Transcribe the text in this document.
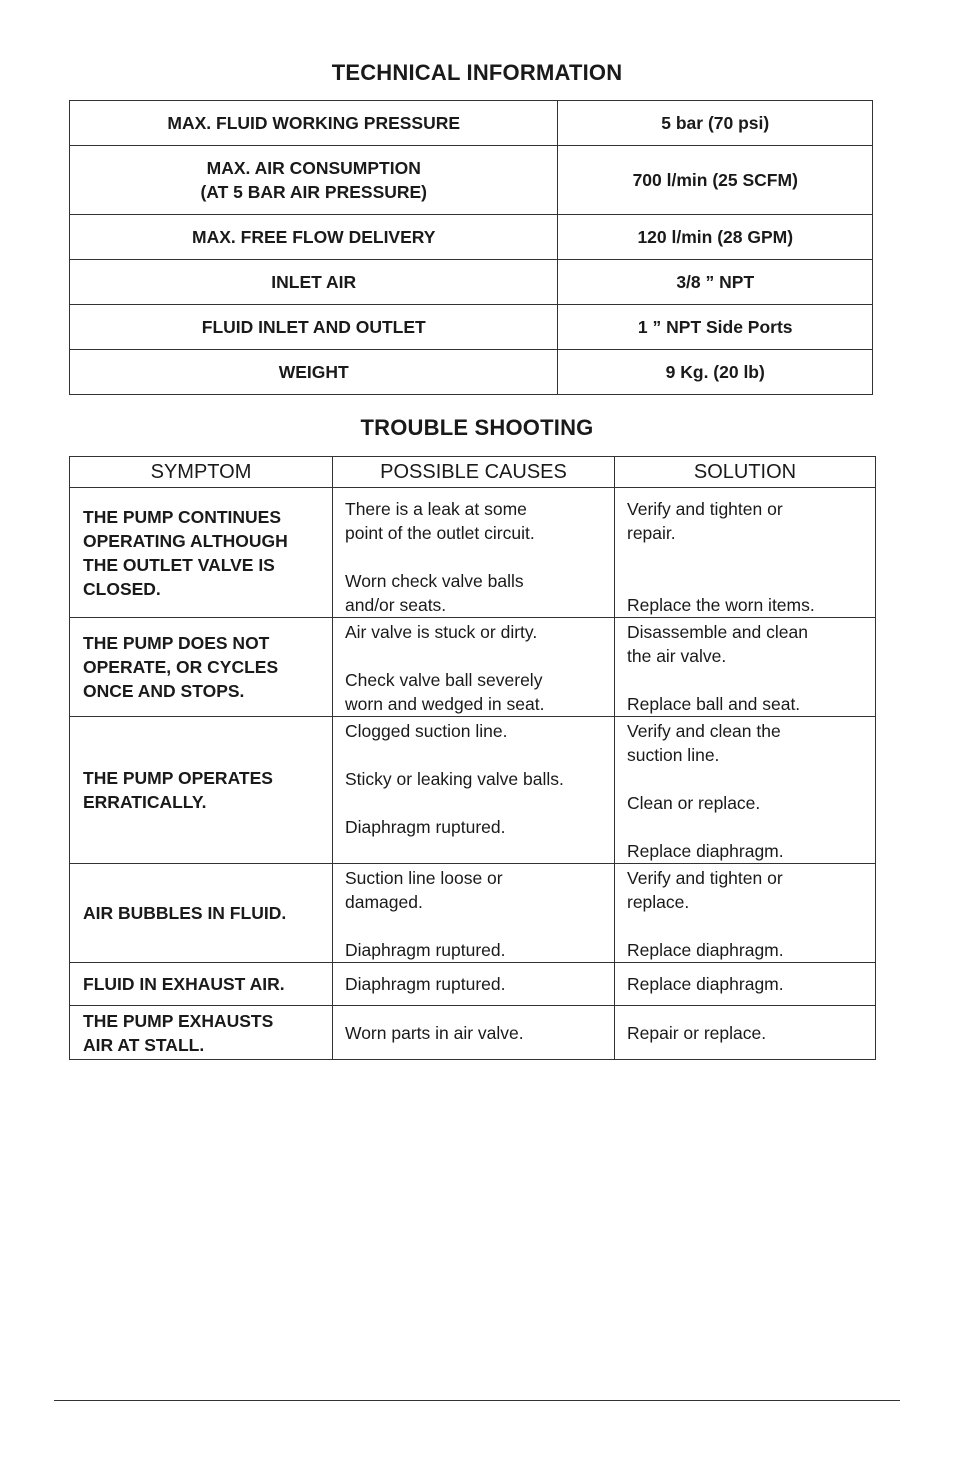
TECHNICAL INFORMATION
MAX. FLUID WORKING PRESSURE	5 bar (70 psi)

MAX. AIR CONSUMPTION
(AT 5 BAR AIR PRESSURE)	700 l/min (25 SCFM)
MAX. FREE FLOW DELIVERY	120 l/min (28 GPM)
INLET AIR	3/8 ” NPT
FLUID INLET AND OUTLET	1 ” NPT Side Ports
WEIGHT	9 Kg. (20 lb)
TROUBLE SHOOTING
SYMPTOM	POSSIBLE CAUSES	SOLUTION

THE PUMP CONTINUES
OPERATING ALTHOUGH
THE OUTLET VALVE IS
CLOSED.	There is a leak at some
point of the outlet circuit.
Worn check valve balls
and/or seats.	Verify and tighten or
repair.
Replace the worn items.

THE PUMP DOES NOT
OPERATE, OR CYCLES
ONCE AND STOPS.	Air valve is stuck or dirty.
Check valve ball severely
worn and wedged in seat.	Disassemble and clean
the air valve.
Replace ball and seat.

THE PUMP OPERATES
ERRATICALLY.	Clogged suction line.
Sticky or leaking valve balls.
Diaphragm ruptured.	Verify and clean the
suction line.
Clean or replace.
Replace diaphragm.

AIR BUBBLES IN FLUID.	Suction line loose or
damaged.
Diaphragm ruptured.	Verify and tighten or
replace.
Replace diaphragm.

FLUID IN EXHAUST AIR.	Diaphragm ruptured.	Replace diaphragm.

THE PUMP EXHAUSTS
AIR AT STALL.	Worn parts in air valve.	Repair or replace.
